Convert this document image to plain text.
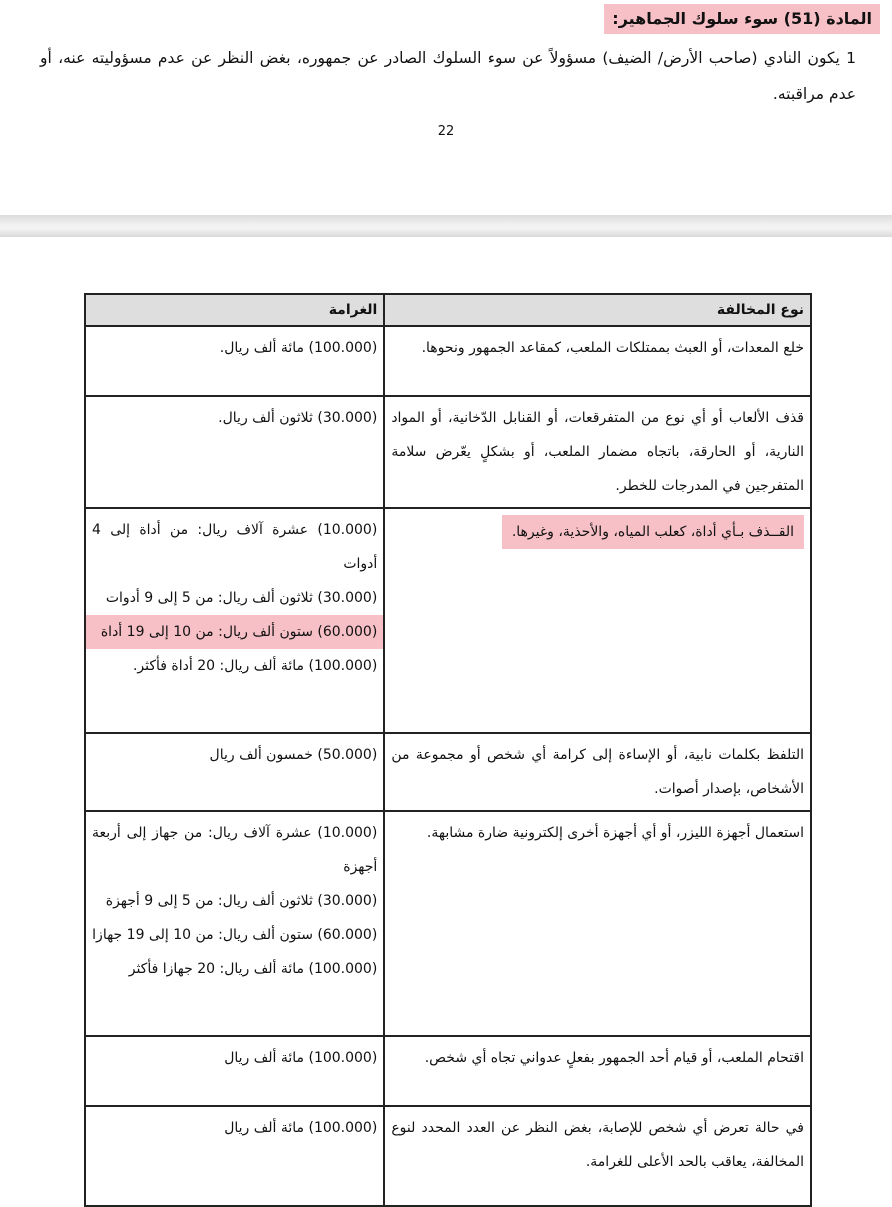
المادة (51) سوء سلوك الجماهير:
1 يكون النادي (صاحب الأرض/ الضيف) مسؤولاً عن سوء السلوك الصادر عن جمهوره، بغض النظر عن عدم مسؤوليته عنه، أو عدم مراقبته.
22
نوع المخالفة	الغرامة
خلع المعدات، أو العبث بممتلكات الملعب، كمقاعد الجمهور ونحوها.	(100.000) مائة ألف ريال.

قذف الألعاب أو أي نوع من المتفرقعات، أو القنابل الدّخانية، أو المواد النارية، أو الحارقة، باتجاه مضمار الملعب، أو بشكلٍ يعّرض سلامة المتفرجين في المدرجات للخطر.	(30.000) ثلاثون ألف ريال.

القــذف بـأي أداة، كعلب المياه، والأحذية، وغيرها.	(10.000) عشرة آلاف ريال: من أداة إلى 4 أدوات
(30.000) ثلاثون ألف ريال: من 5 إلى 9 أدوات
(60.000) ستون ألف ريال: من 10 إلى 19 أداة
(100.000) مائة ألف ريال: 20 أداة فأكثر.

التلفظ بكلمات نابية، أو الإساءة إلى كرامة أي شخص أو مجموعة من الأشخاص، بإصدار أصوات.	(50.000) خمسون ألف ريال

استعمال أجهزة الليزر، أو أي أجهزة أخرى إلكترونية ضارة مشابهة.	(10.000) عشرة آلاف ريال: من جهاز إلى أربعة أجهزة
(30.000) ثلاثون ألف ريال: من 5 إلى 9 أجهزة
(60.000) ستون ألف ريال: من 10 إلى 19 جهازا
(100.000) مائة ألف ريال: 20 جهازا فأكثر

اقتحام الملعب، أو قيام أحد الجمهور بفعلٍ عدواني تجاه أي شخص.	(100.000) مائة ألف ريال

في حالة تعرض أي شخص للإصابة، بغض النظر عن العدد المحدد لنوع المخالفة، يعاقب بالحد الأعلى للغرامة.	(100.000) مائة ألف ريال
